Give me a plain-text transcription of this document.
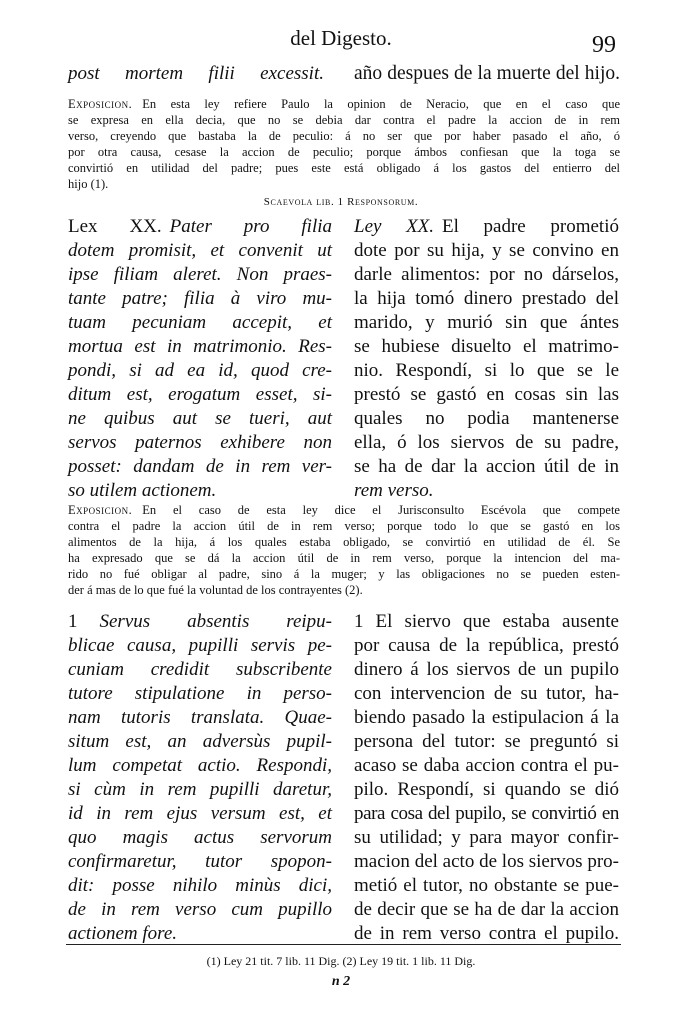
del Digesto.	99
post mortem filii excessit. año despues de la muerte del hijo.
Exposicion. En esta ley refiere Paulo la opinion de Neracio, que en el caso que
se expresa en ella decia, que no se debia dar contra el padre la accion de in rem
verso, creyendo que bastaba la de peculio: á no ser que por haber pasado el año, ó
por otra causa, cesase la accion de peculio; porque ámbos confiesan que la toga se
convirtió en utilidad del padre; pues este está obligado á los gastos del entierro del
hijo (1).
Scaevola lib. 1 Responsorum.
Lex XX. Pater pro filia
dotem promisit, et convenit ut
ipse filiam aleret. Non praes-
tante patre; filia à viro mu-
tuam pecuniam accepit, et
mortua est in matrimonio. Res-
pondi, si ad ea id, quod cre-
ditum est, erogatum esset, si-
ne quibus aut se tueri, aut
servos paternos exhibere non
posset: dandam de in rem ver-
so utilem actionem.
Ley XX. El padre prometió
dote por su hija, y se convino en
darle alimentos: por no dárselos,
la hija tomó dinero prestado del
marido, y murió sin que ántes
se hubiese disuelto el matrimo-
nio. Respondí, si lo que se le
prestó se gastó en cosas sin las
quales no podia mantenerse
ella, ó los siervos de su padre,
se ha de dar la accion útil de in
rem verso.
Exposicion. En el caso de esta ley dice el Jurisconsulto Escévola que compete
contra el padre la accion útil de in rem verso; porque todo lo que se gastó en los
alimentos de la hija, á los quales estaba obligado, se convirtió en utilidad de él. Se
ha expresado que se dá la accion útil de in rem verso, porque la intencion del ma-
rido no fué obligar al padre, sino á la muger; y las obligaciones no se pueden esten-
der á mas de lo que fué la voluntad de los contrayentes (2).
1 Servus absentis reipu-
blicae causa, pupilli servis pe-
cuniam credidit subscribente
tutore stipulatione in perso-
nam tutoris translata. Quae-
situm est, an adversùs pupil-
lum competat actio. Respondi,
si cùm in rem pupilli daretur,
id in rem ejus versum est, et
quo magis actus servorum
confirmaretur, tutor spopon-
dit: posse nihilo minùs dici,
de in rem verso cum pupillo
actionem fore.
1 El siervo que estaba ausente
por causa de la república, prestó
dinero á los siervos de un pupilo
con intervencion de su tutor, ha-
biendo pasado la estipulacion á la
persona del tutor: se preguntó si
acaso se daba accion contra el pu-
pilo. Respondí, si quando se dió
para cosa del pupilo, se convirtió en
su utilidad; y para mayor confir-
macion del acto de los siervos pro-
metió el tutor, no obstante se pue-
de decir que se ha de dar la accion
de in rem verso contra el pupilo.
(1) Ley 21 tit. 7 lib. 11 Dig. (2) Ley 19 tit. 1 lib. 11 Dig.
n 2
